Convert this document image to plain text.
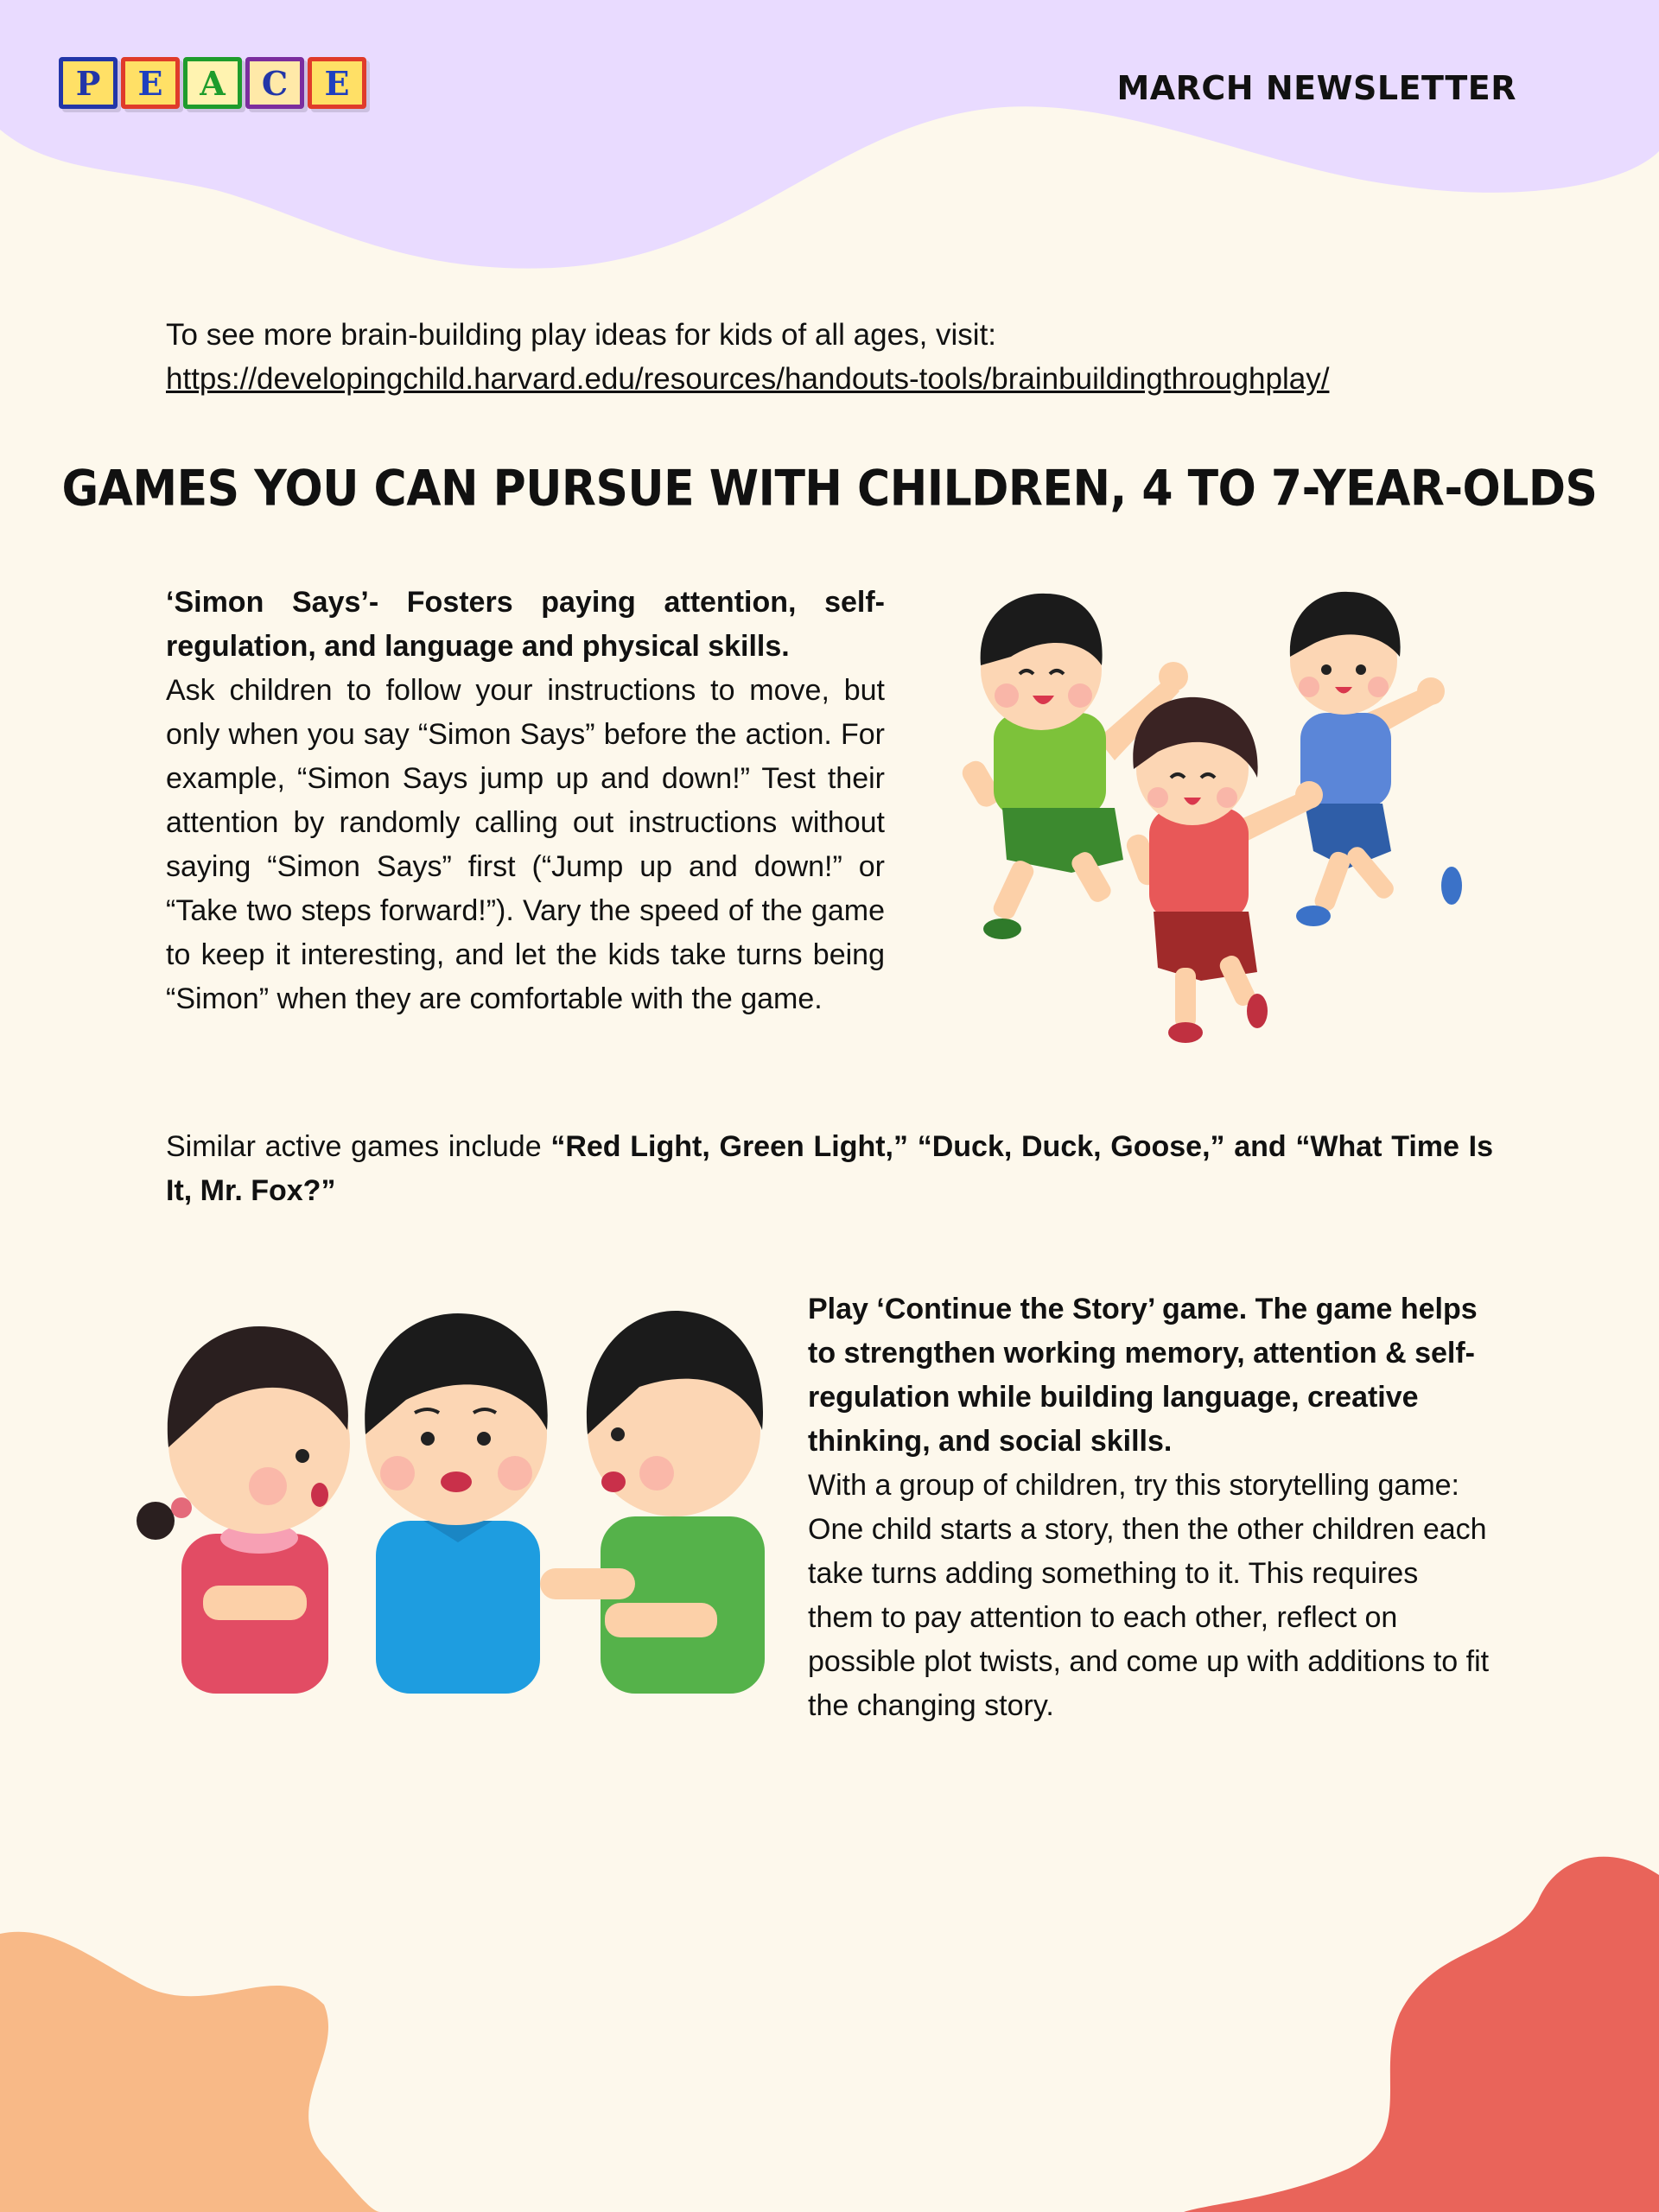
P	E	A	C	E	MARCH NEWSLETTER
To see more brain-building play ideas for kids of all ages, visit:
https://developingchild.harvard.edu/resources/handouts-tools/brainbuildingthroughplay/
GAMES YOU CAN PURSUE WITH CHILDREN, 4 TO 7-YEAR-OLDS

‘Simon Says’- Fosters paying attention, self-regulation, and language and physical skills.

Ask children to follow your instructions to move, but only when you say “Simon Says” before the action. For example, “Simon Says jump up and down!” Test their attention by randomly calling out instructions without saying “Simon Says” first (“Jump up and down!” or “Take two steps forward!”). Vary the speed of the game to keep it interesting, and let the kids take turns being “Simon” when they are comfortable with the game.

Similar active games include “Red Light, Green Light,” “Duck, Duck, Goose,” and “What Time Is It, Mr. Fox?”

Play ‘Continue the Story’ game. The game helps to strengthen working memory, attention & self-regulation while building language, creative thinking, and social skills.

With a group of children, try this storytelling game: One child starts a story, then the other children each take turns adding something to it. This requires them to pay attention to each other, reflect on possible plot twists, and come up with additions to fit the changing story.
